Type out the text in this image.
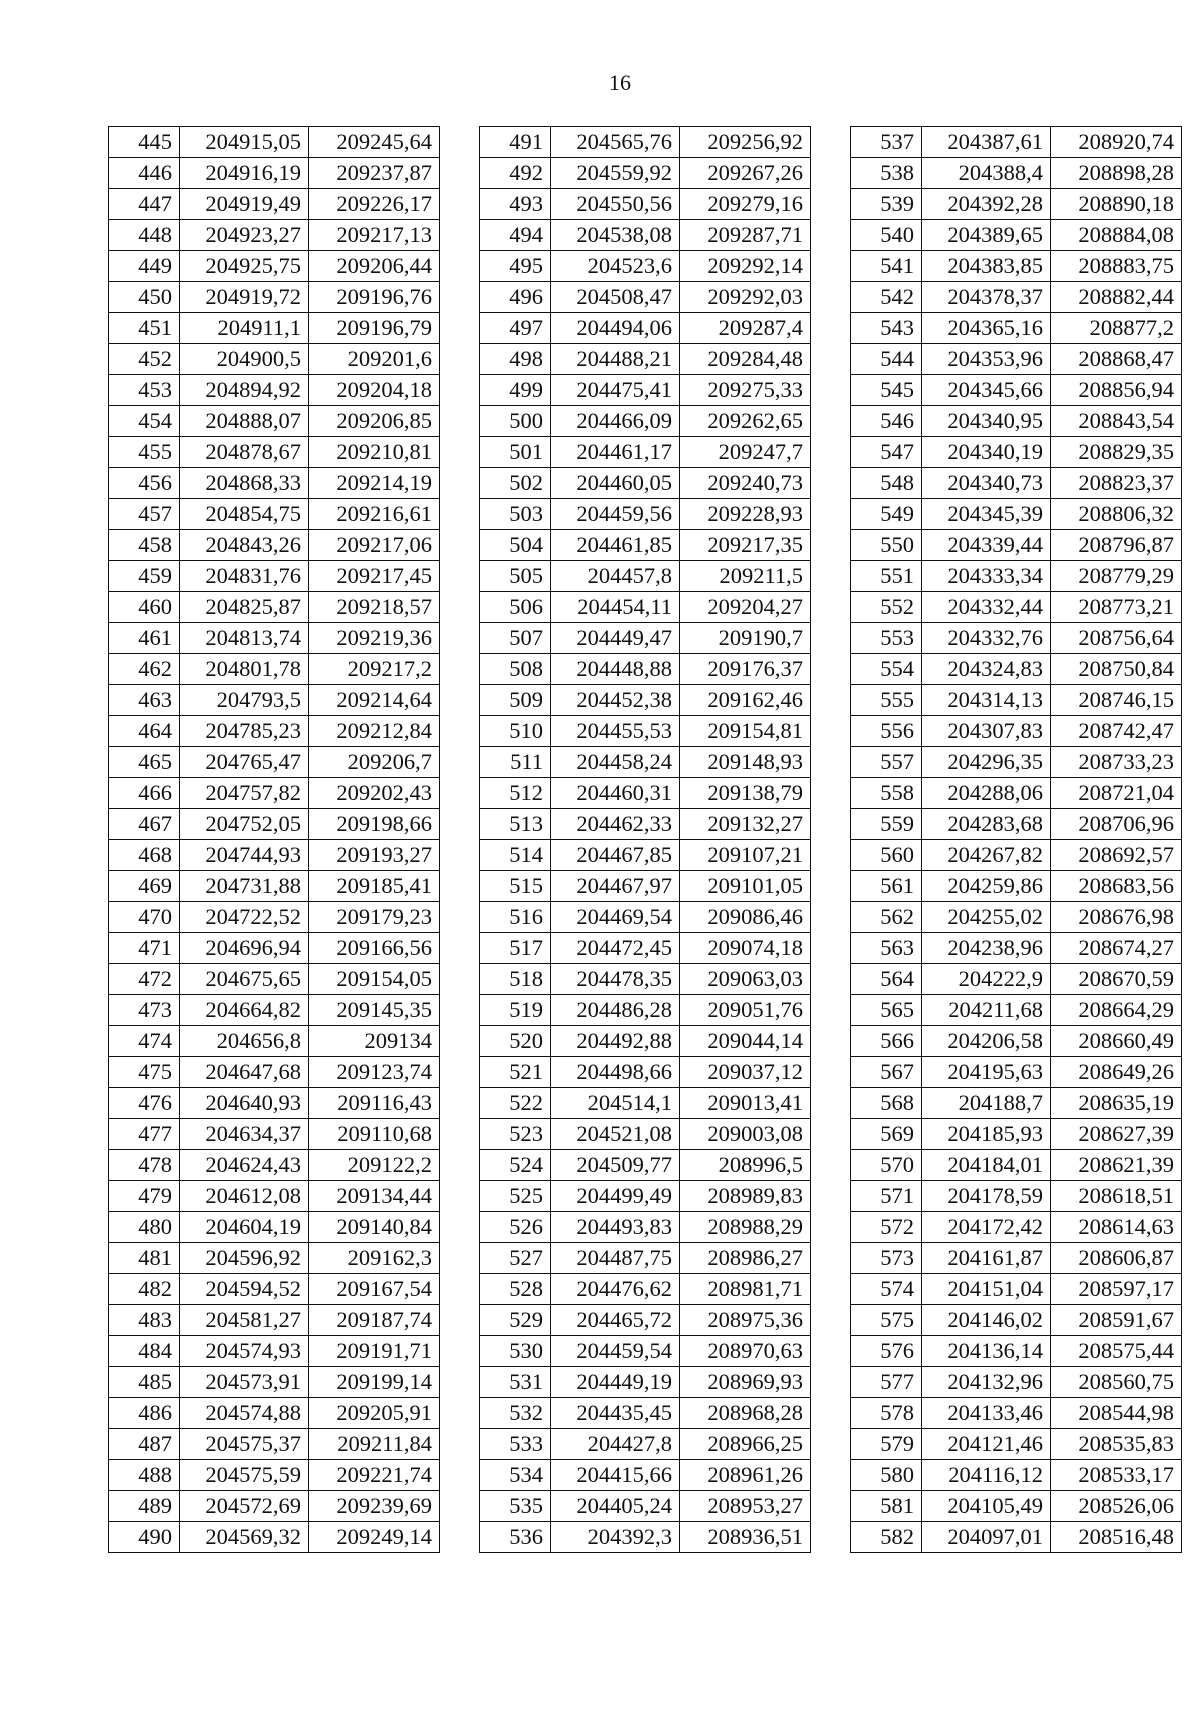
16
445	204915,05	209245,64
446	204916,19	209237,87
447	204919,49	209226,17
448	204923,27	209217,13
449	204925,75	209206,44
450	204919,72	209196,76
451	204911,1	209196,79
452	204900,5	209201,6
453	204894,92	209204,18
454	204888,07	209206,85
455	204878,67	209210,81
456	204868,33	209214,19
457	204854,75	209216,61
458	204843,26	209217,06
459	204831,76	209217,45
460	204825,87	209218,57
461	204813,74	209219,36
462	204801,78	209217,2
463	204793,5	209214,64
464	204785,23	209212,84
465	204765,47	209206,7
466	204757,82	209202,43
467	204752,05	209198,66
468	204744,93	209193,27
469	204731,88	209185,41
470	204722,52	209179,23
471	204696,94	209166,56
472	204675,65	209154,05
473	204664,82	209145,35
474	204656,8	209134
475	204647,68	209123,74
476	204640,93	209116,43
477	204634,37	209110,68
478	204624,43	209122,2
479	204612,08	209134,44
480	204604,19	209140,84
481	204596,92	209162,3
482	204594,52	209167,54
483	204581,27	209187,74
484	204574,93	209191,71
485	204573,91	209199,14
486	204574,88	209205,91
487	204575,37	209211,84
488	204575,59	209221,74
489	204572,69	209239,69
490	204569,32	209249,14
491	204565,76	209256,92
492	204559,92	209267,26
493	204550,56	209279,16
494	204538,08	209287,71
495	204523,6	209292,14
496	204508,47	209292,03
497	204494,06	209287,4
498	204488,21	209284,48
499	204475,41	209275,33
500	204466,09	209262,65
501	204461,17	209247,7
502	204460,05	209240,73
503	204459,56	209228,93
504	204461,85	209217,35
505	204457,8	209211,5
506	204454,11	209204,27
507	204449,47	209190,7
508	204448,88	209176,37
509	204452,38	209162,46
510	204455,53	209154,81
511	204458,24	209148,93
512	204460,31	209138,79
513	204462,33	209132,27
514	204467,85	209107,21
515	204467,97	209101,05
516	204469,54	209086,46
517	204472,45	209074,18
518	204478,35	209063,03
519	204486,28	209051,76
520	204492,88	209044,14
521	204498,66	209037,12
522	204514,1	209013,41
523	204521,08	209003,08
524	204509,77	208996,5
525	204499,49	208989,83
526	204493,83	208988,29
527	204487,75	208986,27
528	204476,62	208981,71
529	204465,72	208975,36
530	204459,54	208970,63
531	204449,19	208969,93
532	204435,45	208968,28
533	204427,8	208966,25
534	204415,66	208961,26
535	204405,24	208953,27
536	204392,3	208936,51
537	204387,61	208920,74
538	204388,4	208898,28
539	204392,28	208890,18
540	204389,65	208884,08
541	204383,85	208883,75
542	204378,37	208882,44
543	204365,16	208877,2
544	204353,96	208868,47
545	204345,66	208856,94
546	204340,95	208843,54
547	204340,19	208829,35
548	204340,73	208823,37
549	204345,39	208806,32
550	204339,44	208796,87
551	204333,34	208779,29
552	204332,44	208773,21
553	204332,76	208756,64
554	204324,83	208750,84
555	204314,13	208746,15
556	204307,83	208742,47
557	204296,35	208733,23
558	204288,06	208721,04
559	204283,68	208706,96
560	204267,82	208692,57
561	204259,86	208683,56
562	204255,02	208676,98
563	204238,96	208674,27
564	204222,9	208670,59
565	204211,68	208664,29
566	204206,58	208660,49
567	204195,63	208649,26
568	204188,7	208635,19
569	204185,93	208627,39
570	204184,01	208621,39
571	204178,59	208618,51
572	204172,42	208614,63
573	204161,87	208606,87
574	204151,04	208597,17
575	204146,02	208591,67
576	204136,14	208575,44
577	204132,96	208560,75
578	204133,46	208544,98
579	204121,46	208535,83
580	204116,12	208533,17
581	204105,49	208526,06
582	204097,01	208516,48
